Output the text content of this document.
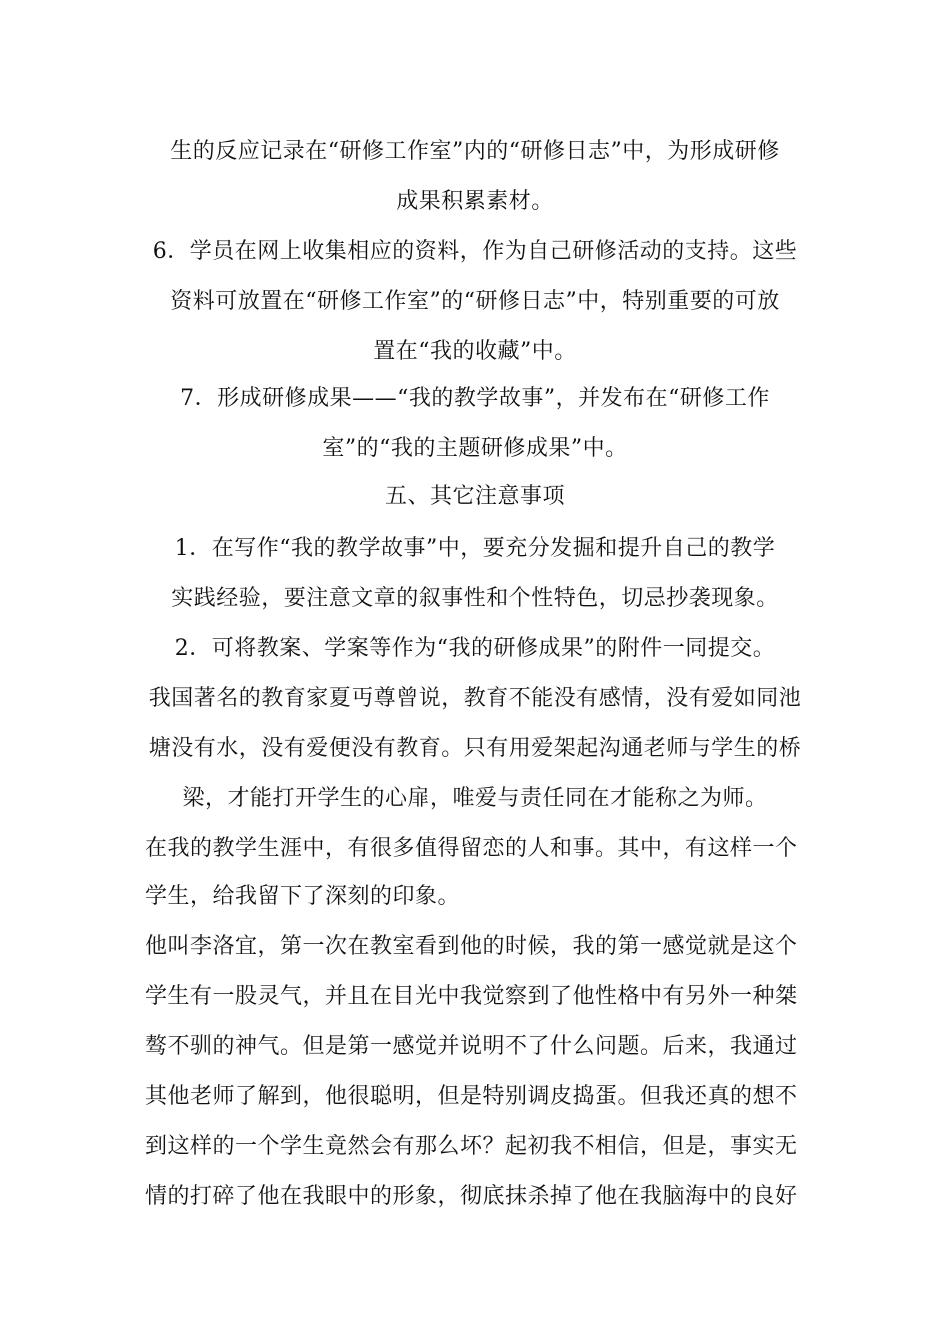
生的反应记录在“研修工作室”内的“研修日志”中，为形成研修
成果积累素材。
6．学员在网上收集相应的资料，作为自己研修活动的支持。这些
资料可放置在“研修工作室”的“研修日志”中，特别重要的可放
置在“我的收藏”中。
7．形成研修成果——“我的教学故事”，并发布在“研修工作
室”的“我的主题研修成果”中。
五、其它注意事项
1．在写作“我的教学故事”中，要充分发掘和提升自己的教学
实践经验，要注意文章的叙事性和个性特色，切忌抄袭现象。
2．可将教案、学案等作为“我的研修成果”的附件一同提交。
我国著名的教育家夏丏尊曾说，教育不能没有感情，没有爱如同池
塘没有水，没有爱便没有教育。只有用爱架起沟通老师与学生的桥
梁，才能打开学生的心扉，唯爱与责任同在才能称之为师。
在我的教学生涯中，有很多值得留恋的人和事。其中，有这样一个
学生，给我留下了深刻的印象。
他叫李洛宜，第一次在教室看到他的时候，我的第一感觉就是这个
学生有一股灵气，并且在目光中我觉察到了他性格中有另外一种桀
骜不驯的神气。但是第一感觉并说明不了什么问题。后来，我通过
其他老师了解到，他很聪明，但是特别调皮捣蛋。但我还真的想不
到这样的一个学生竟然会有那么坏？起初我不相信，但是，事实无
情的打碎了他在我眼中的形象，彻底抹杀掉了他在我脑海中的良好
